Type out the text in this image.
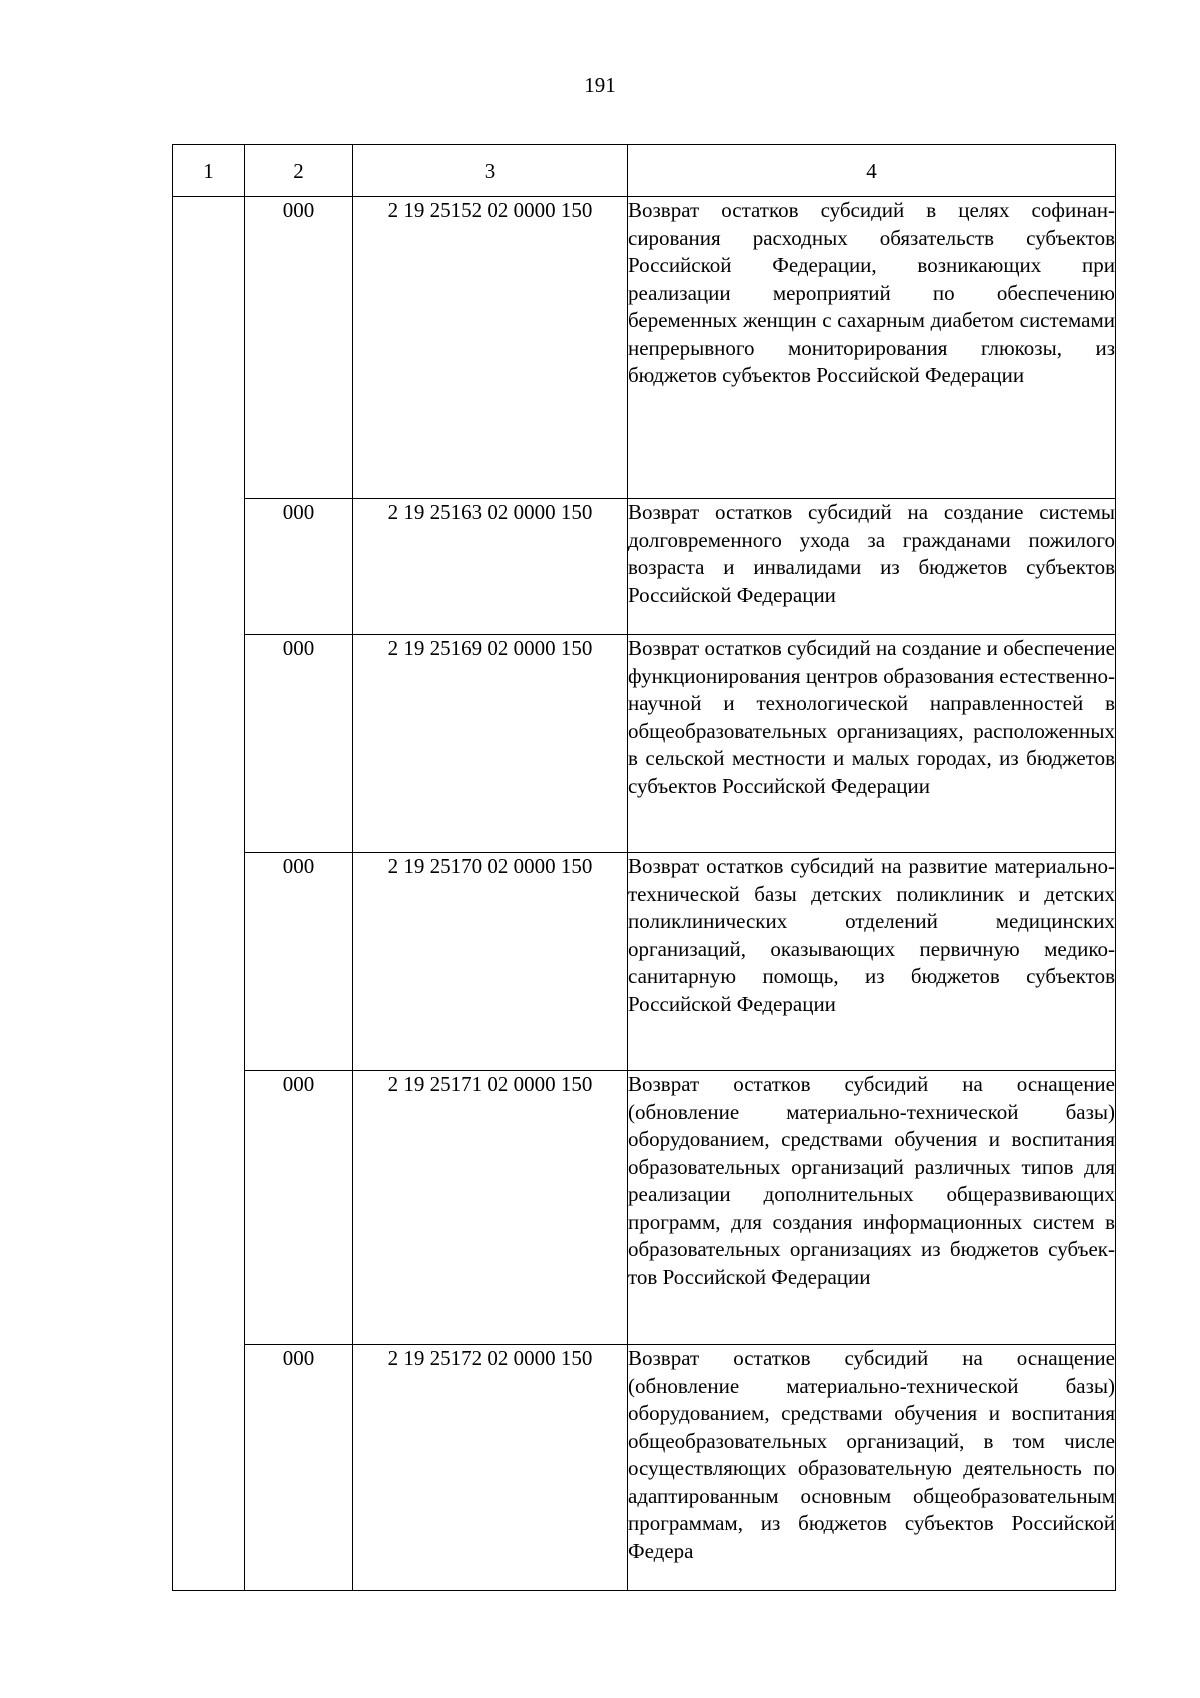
191
1	2	3	4
	000	2 19 25152 02 0000 150	Возврат остатков субсидий в целях софинансирования расходных обязательств субъектов Российской Федерации, возникающих при реализации мероприятий по обеспечению беременных женщин с сахарным диабетом системами непрерывного мониторирования глюкозы, из бюджетов субъектов Российской Федерации

	000	2 19 25163 02 0000 150	Возврат остатков субсидий на создание системы долговременного ухода за гражданами пожилого возраста и инвалидами из бюджетов субъектов Российской Федерации

	000	2 19 25169 02 0000 150	Возврат остатков субсидий на создание и обеспечение функционирования центров образования естественно-научной и технологической направленностей в общеобразовательных организациях, расположенных в сельской местности и малых городах, из бюджетов субъектов Российской Федерации

	000	2 19 25170 02 0000 150	Возврат остатков субсидий на развитие материально-технической базы детских поликлиник и детских поликлинических отделений медицинских организаций, оказывающих первичную медико-санитарную помощь, из бюджетов субъектов Российской Федерации

	000	2 19 25171 02 0000 150	Возврат остатков субсидий на оснащение (обновление материально-технической базы) оборудованием, средствами обучения и воспитания образовательных организаций различных типов для реализации дополнительных общеразвивающих программ, для создания информационных систем в образовательных организациях из бюджетов субъектов Российской Федерации

	000	2 19 25172 02 0000 150	Возврат остатков субсидий на оснащение (обновление материально-технической базы) оборудованием, средствами обучения и воспитания общеобразовательных организаций, в том числе осуществляющих образовательную деятельность по адаптированным основным общеобразовательным программам, из бюджетов субъектов Российской Федера
